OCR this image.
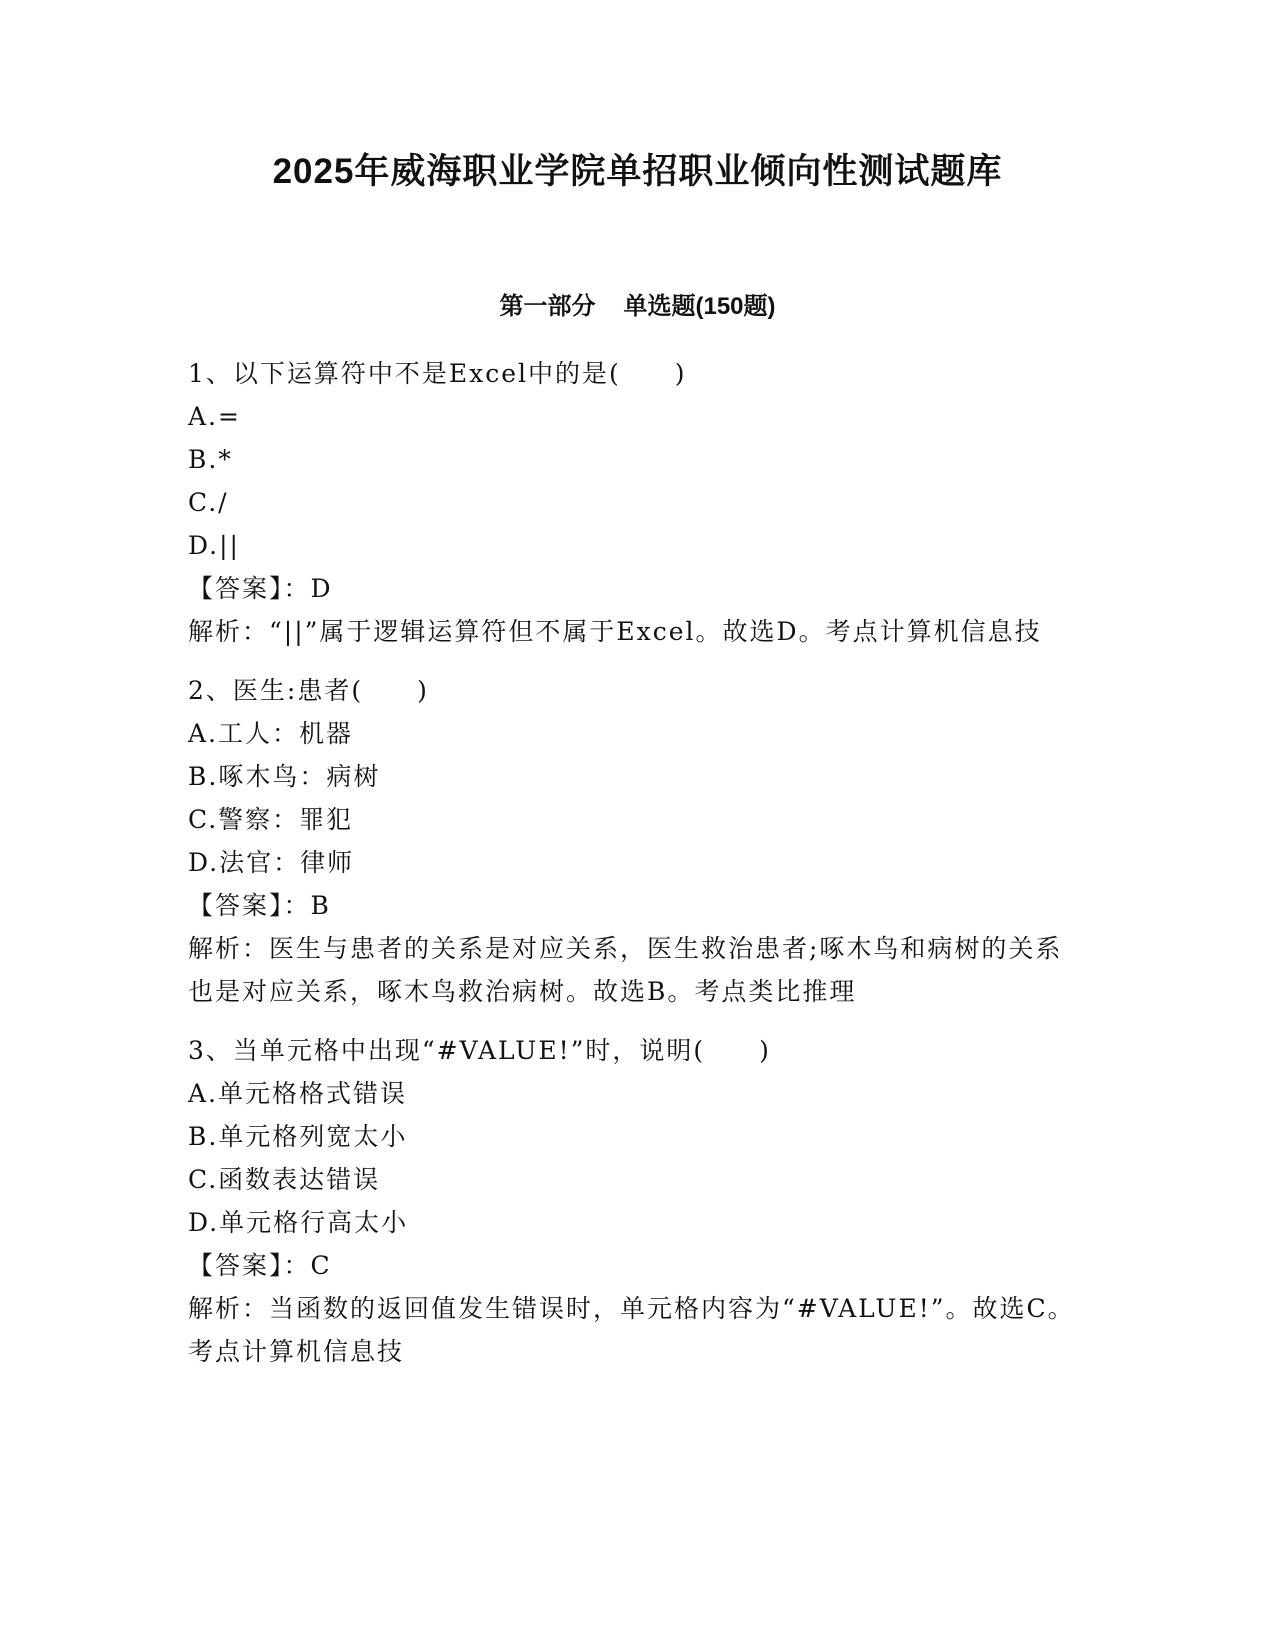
2025年威海职业学院单招职业倾向性测试题库
第一部分 单选题(150题)
1、以下运算符中不是Excel中的是(　　)
A.=
B.*
C./
D.||
【答案】：D
解析：“||”属于逻辑运算符但不属于Excel。故选D。考点计算机信息技
2、医生:患者(　　)
A.工人：机器
B.啄木鸟：病树
C.警察：罪犯
D.法官：律师
【答案】：B
解析：医生与患者的关系是对应关系，医生救治患者;啄木鸟和病树的关系也是对应关系，啄木鸟救治病树。故选B。考点类比推理
3、当单元格中出现“#VALUE!”时，说明(　　)
A.单元格格式错误
B.单元格列宽太小
C.函数表达错误
D.单元格行高太小
【答案】：C
解析：当函数的返回值发生错误时，单元格内容为“#VALUE!”。故选C。考点计算机信息技
